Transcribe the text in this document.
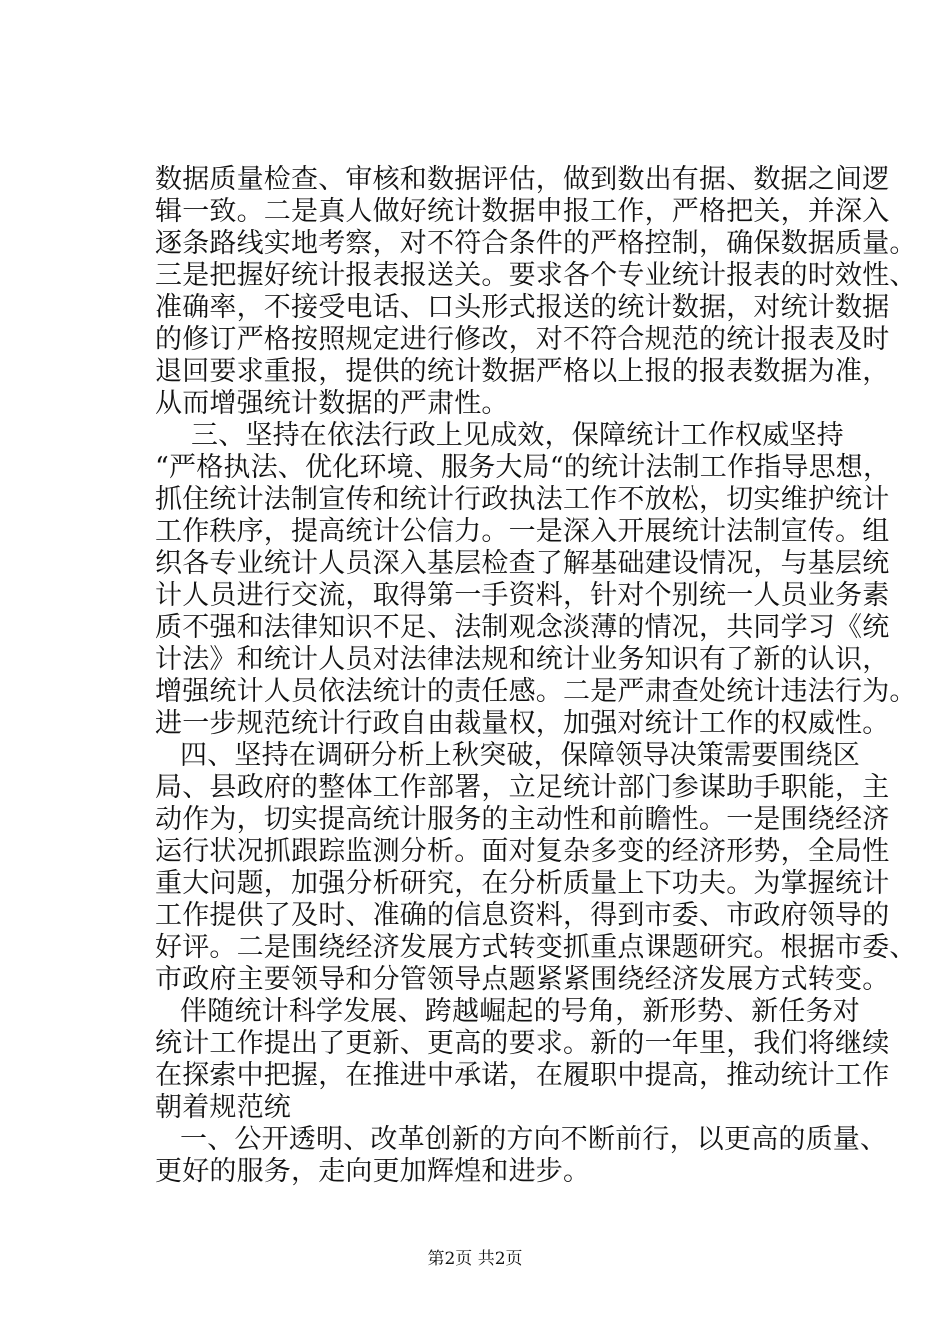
数据质量检查、审核和数据评估，做到数出有据、数据之间逻
辑一致。二是真人做好统计数据申报工作，严格把关，并深入
逐条路线实地考察，对不符合条件的严格控制，确保数据质量。
三是把握好统计报表报送关。要求各个专业统计报表的时效性、
准确率，不接受电话、口头形式报送的统计数据，对统计数据
的修订严格按照规定进行修改，对不符合规范的统计报表及时
退回要求重报，提供的统计数据严格以上报的报表数据为准，
从而增强统计数据的严肃性。
三、坚持在依法行政上见成效，保障统计工作权威坚持
“严格执法、优化环境、服务大局“的统计法制工作指导思想，
抓住统计法制宣传和统计行政执法工作不放松，切实维护统计
工作秩序，提高统计公信力。一是深入开展统计法制宣传。组
织各专业统计人员深入基层检查了解基础建设情况，与基层统
计人员进行交流，取得第一手资料，针对个别统一人员业务素
质不强和法律知识不足、法制观念淡薄的情况，共同学习《统
计法》和统计人员对法律法规和统计业务知识有了新的认识，
增强统计人员依法统计的责任感。二是严肃查处统计违法行为。
进一步规范统计行政自由裁量权，加强对统计工作的权威性。
四、坚持在调研分析上秋突破，保障领导决策需要围绕区
局、县政府的整体工作部署，立足统计部门参谋助手职能，主
动作为，切实提高统计服务的主动性和前瞻性。一是围绕经济
运行状况抓跟踪监测分析。面对复杂多变的经济形势，全局性
重大问题，加强分析研究，在分析质量上下功夫。为掌握统计
工作提供了及时、准确的信息资料，得到市委、市政府领导的
好评。二是围绕经济发展方式转变抓重点课题研究。根据市委、
市政府主要领导和分管领导点题紧紧围绕经济发展方式转变。
伴随统计科学发展、跨越崛起的号角，新形势、新任务对
统计工作提出了更新、更高的要求。新的一年里，我们将继续
在探索中把握，在推进中承诺，在履职中提高，推动统计工作
朝着规范统
一、公开透明、改革创新的方向不断前行，以更高的质量、
更好的服务，走向更加辉煌和进步。
第2页 共2页
